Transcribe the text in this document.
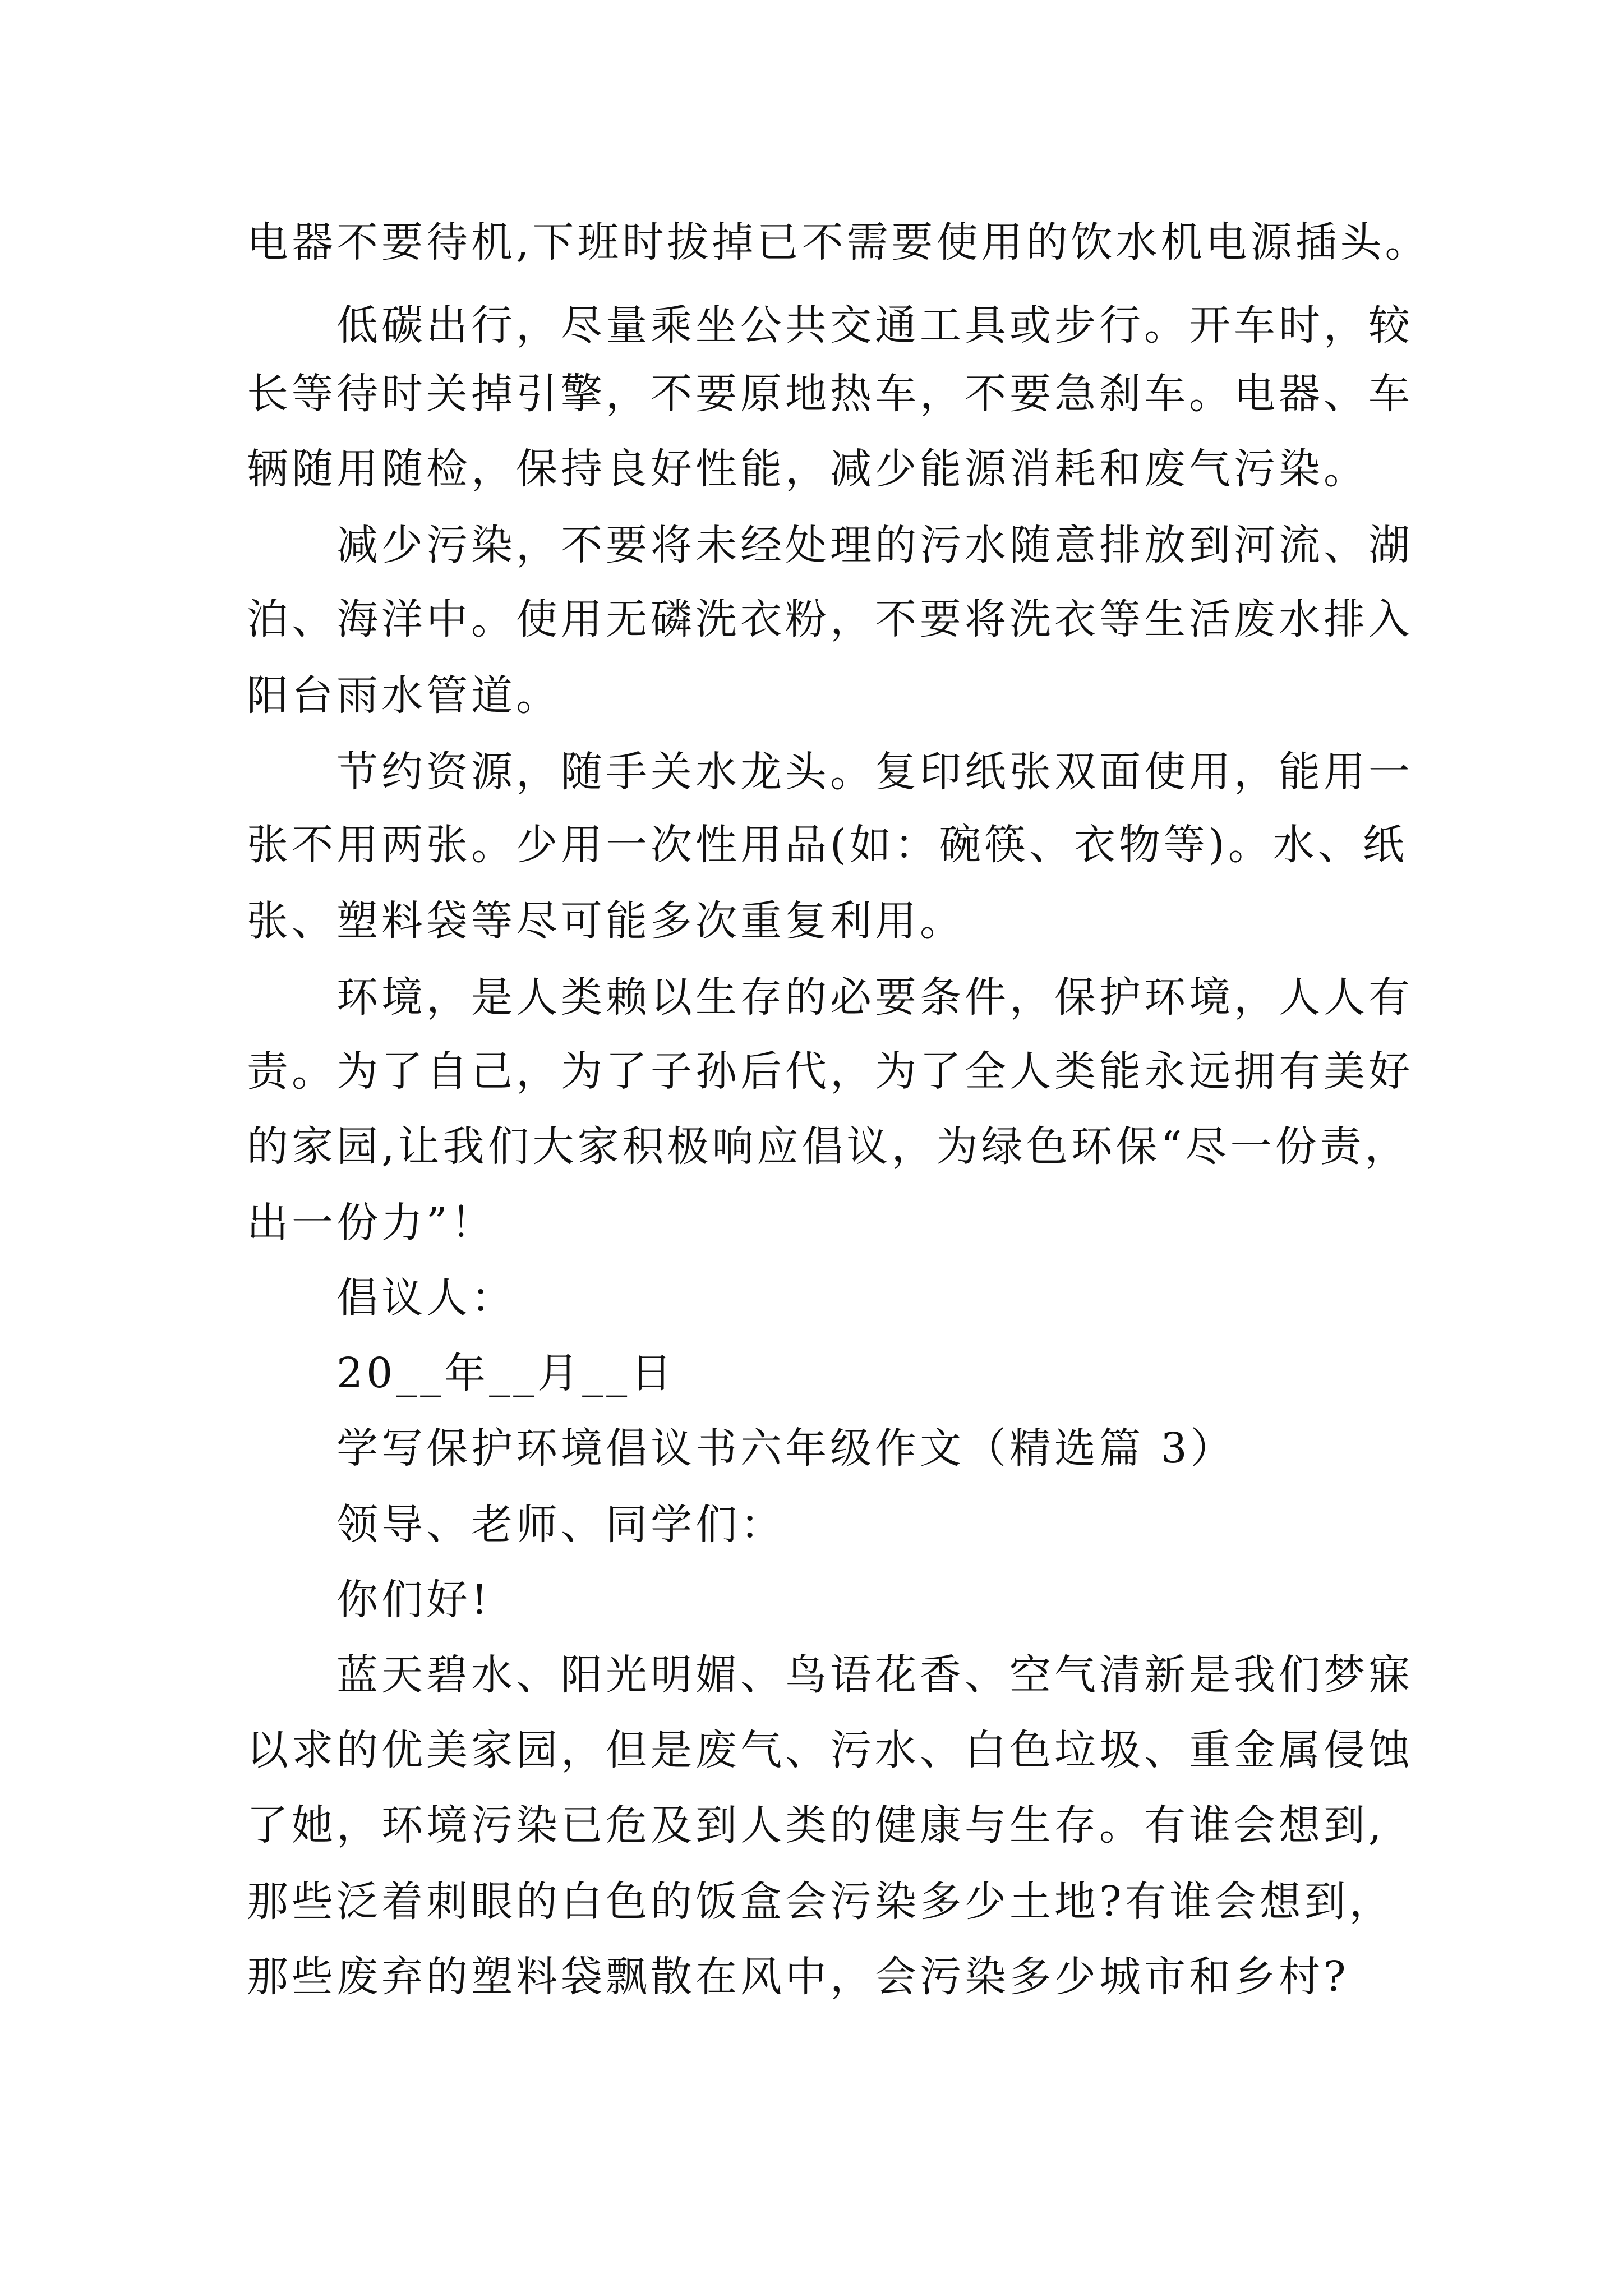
电器不要待机,下班时拔掉已不需要使用的饮水机电源插头。
低碳出行，尽量乘坐公共交通工具或步行。开车时，较
长等待时关掉引擎，不要原地热车，不要急刹车。电器、车
辆随用随检，保持良好性能，减少能源消耗和废气污染。
减少污染，不要将未经处理的污水随意排放到河流、湖
泊、海洋中。使用无磷洗衣粉，不要将洗衣等生活废水排入
阳台雨水管道。
节约资源，随手关水龙头。复印纸张双面使用，能用一
张不用两张。少用一次性用品(如：碗筷、衣物等)。水、纸
张、塑料袋等尽可能多次重复利用。
环境，是人类赖以生存的必要条件，保护环境，人人有
责。为了自己，为了子孙后代，为了全人类能永远拥有美好
的家园,让我们大家积极响应倡议，为绿色环保“尽一份责，
出一份力”！
倡议人：
20__年__月__日
学写保护环境倡议书六年级作文（精选篇 3）
领导、老师、同学们：
你们好!
蓝天碧水、阳光明媚、鸟语花香、空气清新是我们梦寐
以求的优美家园，但是废气、污水、白色垃圾、重金属侵蚀
了她，环境污染已危及到人类的健康与生存。有谁会想到,
那些泛着刺眼的白色的饭盒会污染多少土地?有谁会想到，
那些废弃的塑料袋飘散在风中，会污染多少城市和乡村?
